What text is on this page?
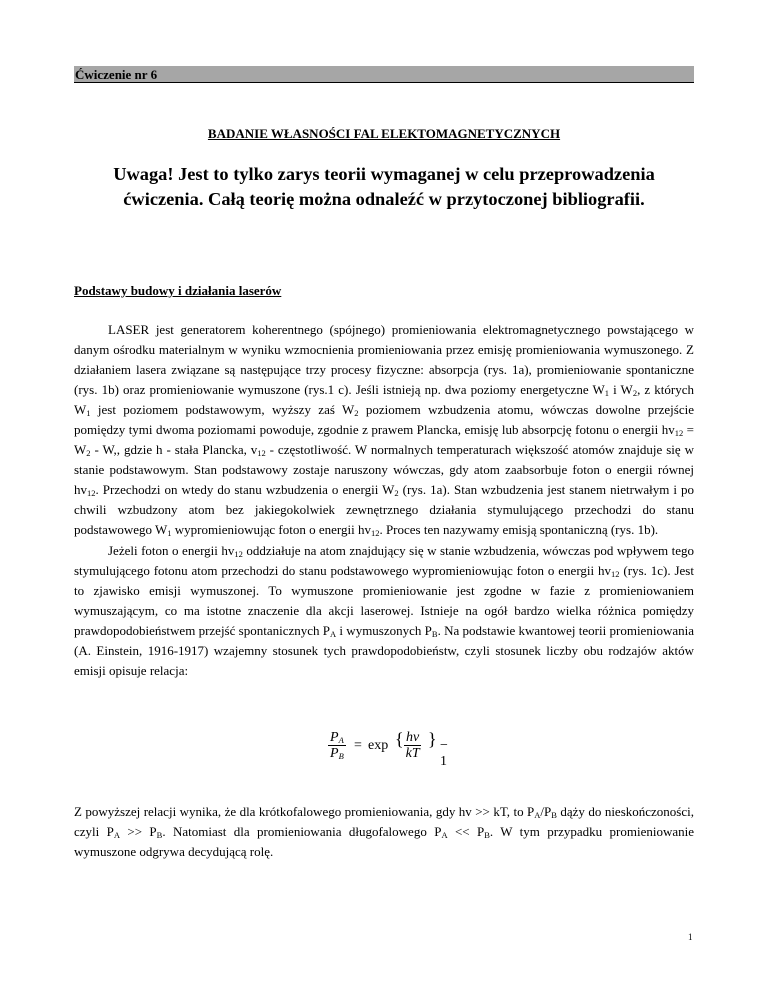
Ćwiczenie nr 6
BADANIE WŁASNOŚCI FAL ELEKTOMAGNETYCZNYCH
Uwaga! Jest to tylko zarys teorii wymaganej w celu przeprowadzenia ćwiczenia. Całą teorię można odnaleźć w przytoczonej bibliografii.
Podstawy budowy i działania laserów

LASER jest generatorem koherentnego (spójnego) promieniowania elektromagnetycznego powstającego w danym ośrodku materialnym w wyniku wzmocnienia promieniowania przez emisję promieniowania wymuszonego. Z działaniem lasera związane są następujące trzy procesy fizyczne: absorpcja (rys. 1a), promieniowanie spontaniczne (rys. 1b) oraz promieniowanie wymuszone (rys.1 c). Jeśli istnieją np. dwa poziomy energetyczne $W_1$ i $W_2$, z których $W_1$ jest poziomem podstawowym, wyższy zaś $W_2$ poziomem wzbudzenia atomu, wówczas dowolne przejście pomiędzy tymi dwoma poziomami powoduje, zgodnie z prawem Plancka, emisję lub absorpcję fotonu o energii $hv_{12} = W_2 - W$,, gdzie h - stała Plancka, $v_{12}$ - częstotliwość. W normalnych temperaturach większość atomów znajduje się w stanie podstawowym. Stan podstawowy zostaje naruszony wówczas, gdy atom zaabsorbuje foton o energii równej $hv_{12}$. Przechodzi on wtedy do stanu wzbudzenia o energii $W_2$ (rys. 1a). Stan wzbudzenia jest stanem nietrwałym i po chwili wzbudzony atom bez jakiegokolwiek zewnętrznego działania stymulującego przechodzi do stanu podstawowego $W_1$ wypromieniowując foton o energii $hv_{12}$. Proces ten nazywamy emisją spontaniczną (rys. 1b).

Jeżeli foton o energii $hv_{12}$ oddziałuje na atom znajdujący się w stanie wzbudzenia, wówczas pod wpływem tego stymulującego fotonu atom przechodzi do stanu podstawowego wypromieniowując foton o energii $hv_{12}$ (rys. 1c). Jest to zjawisko emisji wymuszonej. To wymuszone promieniowanie jest zgodne w fazie z promieniowaniem wymuszającym, co ma istotne znaczenie dla akcji laserowej. Istnieje na ogół bardzo wielka różnica pomiędzy prawdopodobieństwem przejść spontanicznych $P_A$ i wymuszonych $P_B$. Na podstawie kwantowej teorii promieniowania (A. Einstein, 1916-1917) wzajemny stosunek tych prawdopodobieństw, czyli stosunek liczby obu rodzajów aktów emisji opisuje relacja:

$\frac{P_A}{P_B} = \exp$ { $\frac{h\nu}{kT}$ } − 1

Z powyższej relacji wynika, że dla krótkofalowego promieniowania, gdy hv >> kT, to $P_A/P_B$ dąży do nieskończoności, czyli $P_A >> P_B$. Natomiast dla promieniowania długofalowego $P_A << P_B$. W tym przypadku promieniowanie wymuszone odgrywa decydującą rolę.

1
